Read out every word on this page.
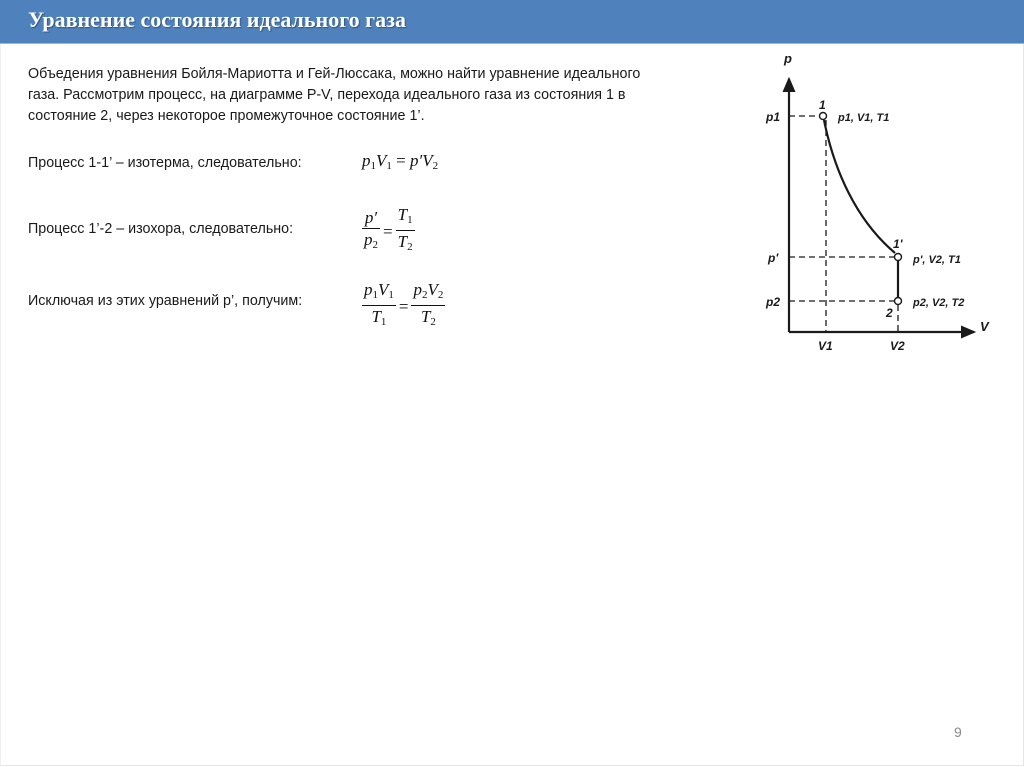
Уравнение состояния идеального газа
Объедения уравнения Бойля-Мариотта и Гей-Люссака, можно найти уравнение идеального
газа. Рассмотрим процесс, на диаграмме P-V, перехода идеального газа из состояния 1 в
состояние 2, через некоторое промежуточное состояние 1’.
Процесс 1-1’ – изотерма, следовательно:
Процесс 1’-2 – изохора, следовательно:
Исключая из этих уравнений р’, получим:
$p_1V_1 = p'V_2$
$\frac{p'}{p_2} = \frac{T_1}{T_2}$
$\frac{p_1V_1}{T_1} = \frac{p_2V_2}{T_2}$
p
V
p1
p'
p2
V1	V2
1
p1, V1, T1
1'
p', V2, T1
2
p2, V2, T2
9
